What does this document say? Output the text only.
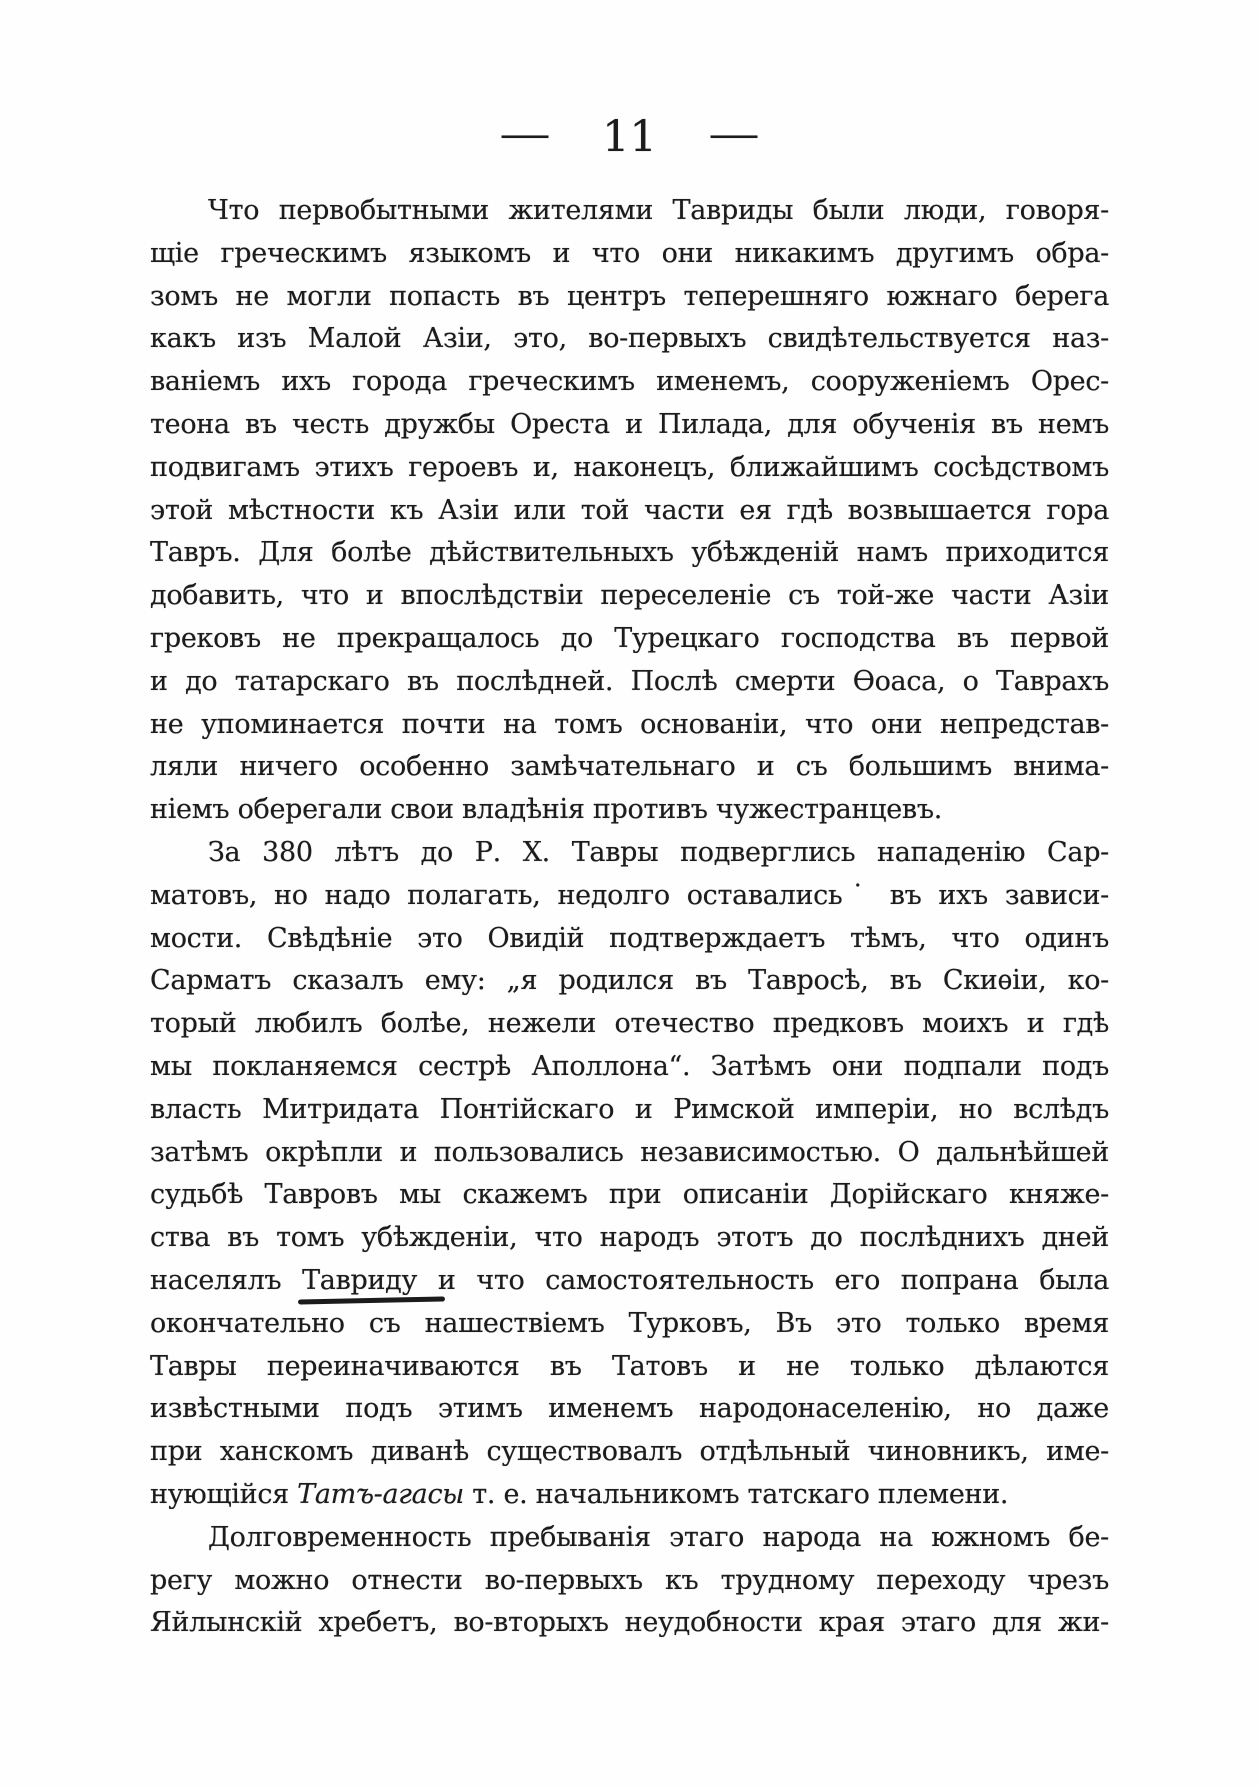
— 11 —
Что первобытными жителями Тавриды были люди, говоря-
щіе греческимъ языкомъ и что они никакимъ другимъ обра-
зомъ не могли попасть въ центръ теперешняго южнаго берега
какъ изъ Малой Азіи, это, во-первыхъ свидѣтельствуется наз-
ваніемъ ихъ города греческимъ именемъ, сооруженіемъ Орес-
теона въ честь дружбы Ореста и Пилада, для обученія въ немъ
подвигамъ этихъ героевъ и, наконецъ, ближайшимъ сосѣдствомъ
этой мѣстности къ Азіи или той части ея гдѣ возвышается гора
Тавръ. Для болѣе дѣйствительныхъ убѣжденій намъ приходится
добавить, что и впослѣдствіи переселеніе съ той-же части Азіи
грековъ не прекращалось до Турецкаго господства въ первой
и до татарскаго въ послѣдней. Послѣ смерти Ѳоаса, о Таврахъ
не упоминается почти на томъ основаніи, что они непредстав-
ляли ничего особенно замѣчательнаго и съ большимъ внима-
ніемъ оберегали свои владѣнія противъ чужестранцевъ.
За 380 лѣтъ до Р. Х. Тавры подверглись нападенію Сар-
матовъ, но надо полагать, недолго оставались˙ въ ихъ зависи-
мости. Свѣдѣніе это Овидій подтверждаетъ тѣмъ, что одинъ
Сарматъ сказалъ ему: „я родился въ Тавросѣ, въ Скиѳіи, ко-
торый любилъ болѣе, нежели отечество предковъ моихъ и гдѣ
мы покланяемся сестрѣ Аполлона“. Затѣмъ они подпали подъ
власть Митридата Понтійскаго и Римской имперіи, но вслѣдъ
затѣмъ окрѣпли и пользовались независимостью. О дальнѣйшей
судьбѣ Тавровъ мы скажемъ при описаніи Дорійскаго княже-
ства въ томъ убѣжденіи, что народъ этотъ до послѣднихъ дней
населялъ Тавриду и что самостоятельность его попрана была
окончательно съ нашествіемъ Турковъ, Въ это только время
Тавры переиначиваются въ Татовъ и не только дѣлаются
извѣстными подъ этимъ именемъ народонаселенію, но даже
при ханскомъ диванѣ существовалъ отдѣльный чиновникъ, име-
нующійся Татъ-агасы т. е. начальникомъ татскаго племени.
Долговременность пребыванія этаго народа на южномъ бе-
регу можно отнести во-первыхъ къ трудному переходу чрезъ
Яйлынскій хребетъ, во-вторыхъ неудобности края этаго для жи-
